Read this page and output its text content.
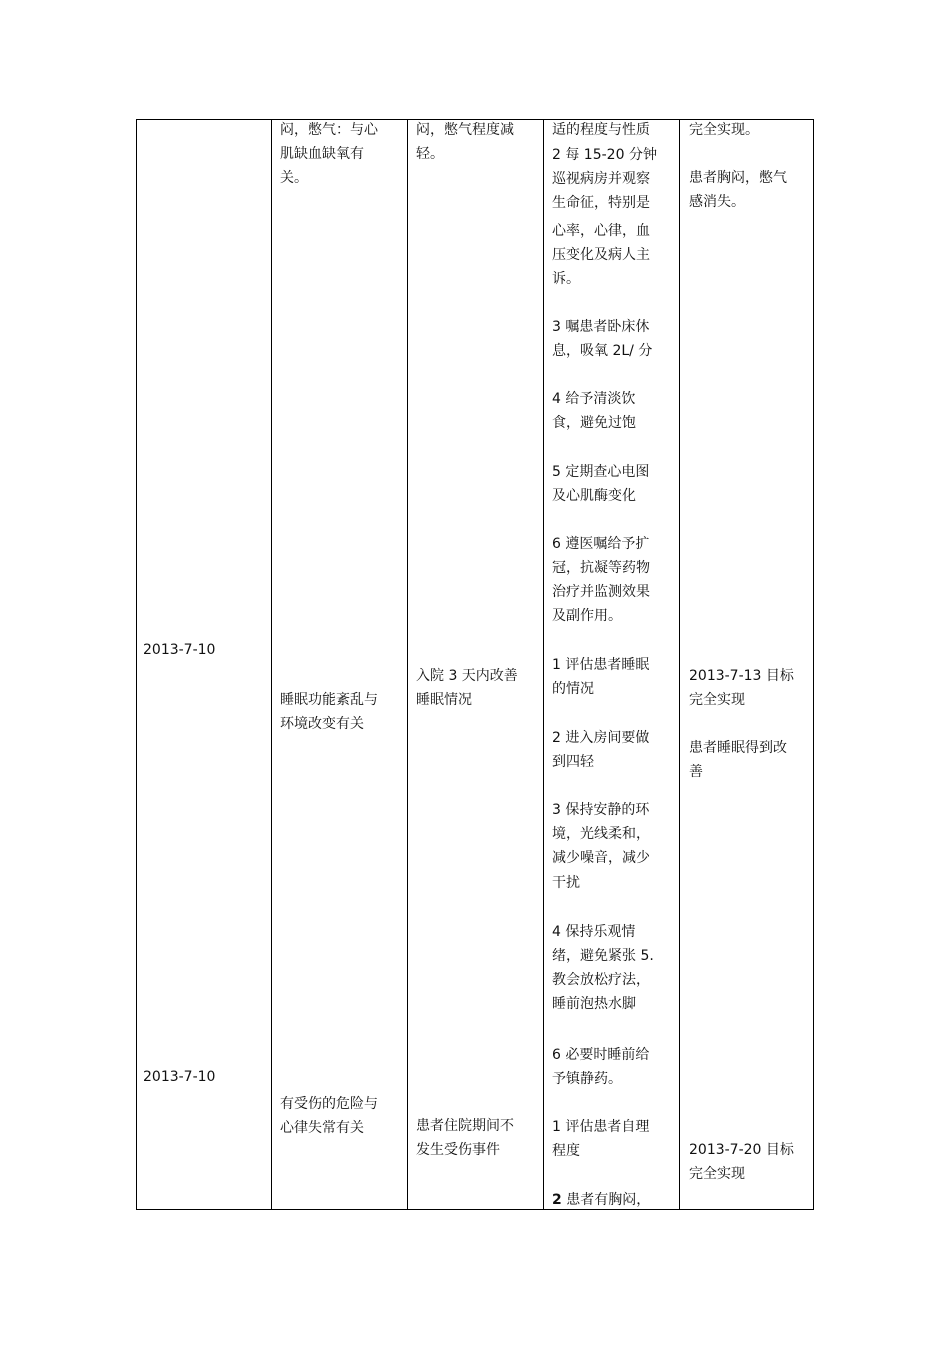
2013-7-10
2013-7-10
闷，憋气：与心
肌缺血缺氧有
关。
睡眠功能紊乱与
环境改变有关
有受伤的危险与
心律失常有关
闷，憋气程度减
轻。
入院 3 天内改善
睡眠情况
患者住院期间不
发生受伤事件
适的程度与性质
2 每 15-20 分钟
巡视病房并观察
生命征，特别是
心率，心律，血
压变化及病人主
诉。
3 嘱患者卧床休
息，吸氧 2L/ 分
4 给予清淡饮
食，避免过饱
5 定期查心电图
及心肌酶变化
6 遵医嘱给予扩
冠，抗凝等药物
治疗并监测效果
及副作用。
1 评估患者睡眠
的情况
2 进入房间要做
到四轻
3 保持安静的环
境，光线柔和，
减少噪音，减少
干扰
4 保持乐观情
绪，避免紧张 5.
教会放松疗法，
睡前泡热水脚
6 必要时睡前给
予镇静药。
1 评估患者自理
程度
2 患者有胸闷，
完全实现。
患者胸闷，憋气
感消失。
2013-7-13 目标
完全实现
患者睡眠得到改
善
2013-7-20 目标
完全实现
